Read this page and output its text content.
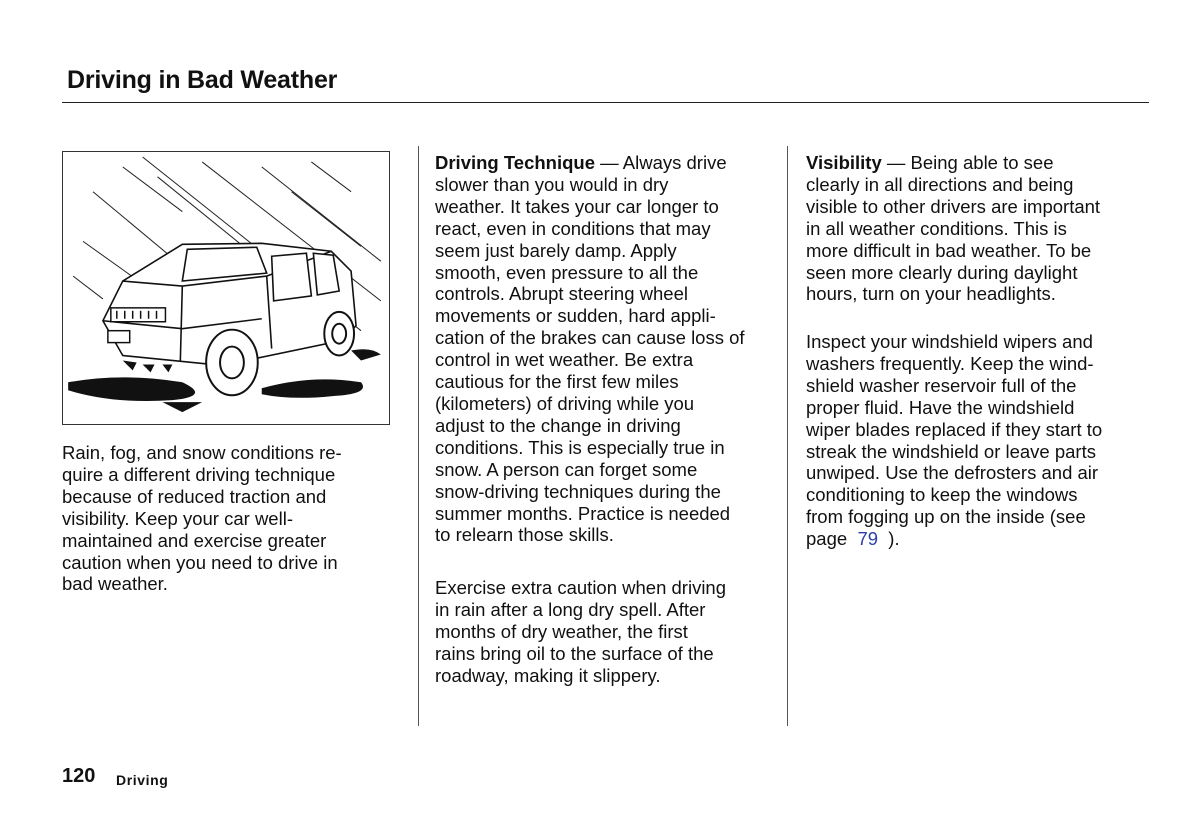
Driving in Bad Weather

Rain, fog, and snow conditions re-
quire a different driving technique
because of reduced traction and
visibility. Keep your car well-
maintained and exercise greater
caution when you need to drive in
bad weather.

Driving Technique — Always drive
slower than you would in dry
weather. It takes your car longer to
react, even in conditions that may
seem just barely damp. Apply
smooth, even pressure to all the
controls. Abrupt steering wheel
movements or sudden, hard appli-
cation of the brakes can cause loss of
control in wet weather. Be extra
cautious for the first few miles
(kilometers) of driving while you
adjust to the change in driving
conditions. This is especially true in
snow. A person can forget some
snow-driving techniques during the
summer months. Practice is needed
to relearn those skills.

Exercise extra caution when driving
in rain after a long dry spell. After
months of dry weather, the first
rains bring oil to the surface of the
roadway, making it slippery.

Visibility — Being able to see
clearly in all directions and being
visible to other drivers are important
in all weather conditions. This is
more difficult in bad weather. To be
seen more clearly during daylight
hours, turn on your headlights.

Inspect your windshield wipers and
washers frequently. Keep the wind-
shield washer reservoir full of the
proper fluid. Have the windshield
wiper blades replaced if they start to
streak the windshield or leave parts
unwiped. Use the defrosters and air
conditioning to keep the windows
from fogging up on the inside (see
page  79  ).

120 Driving
